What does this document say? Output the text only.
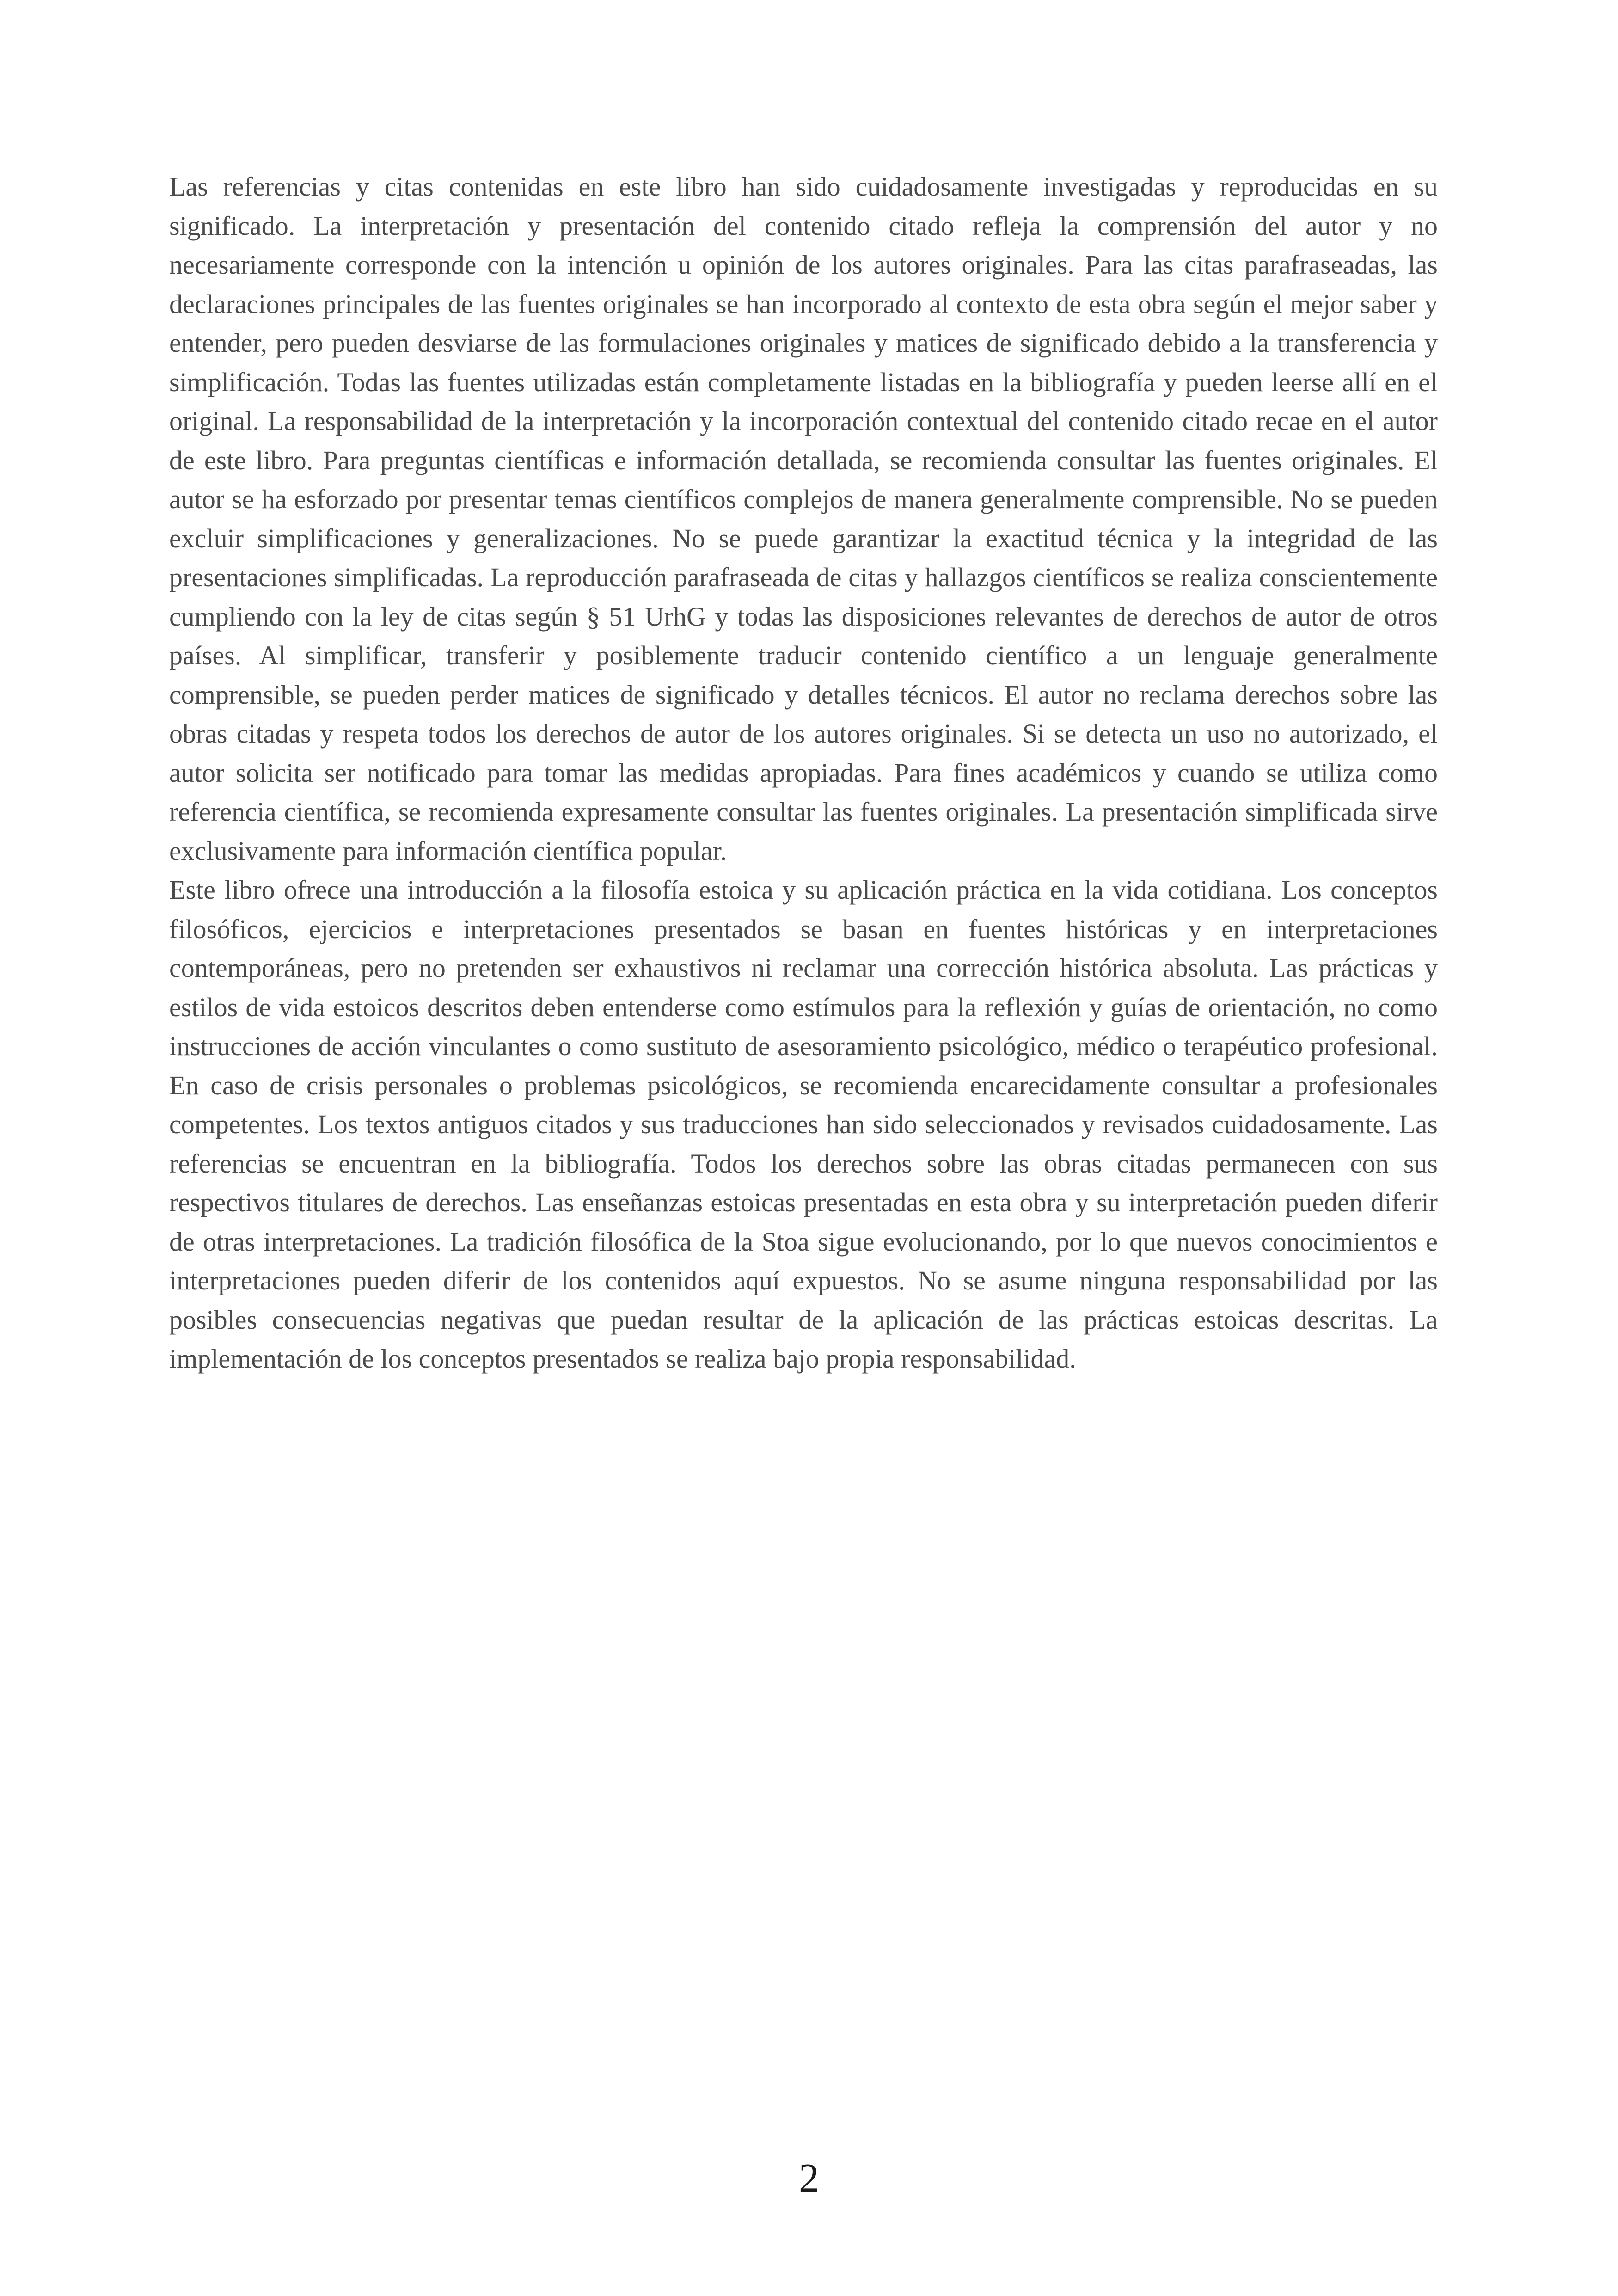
Las referencias y citas contenidas en este libro han sido cuidadosamente investigadas y reproducidas en su significado. La interpretación y presentación del contenido citado refleja la comprensión del autor y no necesariamente corresponde con la intención u opinión de los autores originales. Para las citas parafraseadas, las declaraciones principales de las fuentes originales se han incorporado al contexto de esta obra según el mejor saber y entender, pero pueden desviarse de las formulaciones originales y matices de significado debido a la transferencia y simplificación. Todas las fuentes utilizadas están completamente listadas en la bibliografía y pueden leerse allí en el original. La responsabilidad de la interpretación y la incorporación contextual del contenido citado recae en el autor de este libro. Para preguntas científicas e información detallada, se recomienda consultar las fuentes originales. El autor se ha esforzado por presentar temas científicos complejos de manera generalmente comprensible. No se pueden excluir simplificaciones y generalizaciones. No se puede garantizar la exactitud técnica y la integridad de las presentaciones simplificadas. La reproducción parafraseada de citas y hallazgos científicos se realiza conscientemente cumpliendo con la ley de citas según § 51 UrhG y todas las disposiciones relevantes de derechos de autor de otros países. Al simplificar, transferir y posiblemente traducir contenido científico a un lenguaje generalmente comprensible, se pueden perder matices de significado y detalles técnicos. El autor no reclama derechos sobre las obras citadas y respeta todos los derechos de autor de los autores originales. Si se detecta un uso no autorizado, el autor solicita ser notificado para tomar las medidas apropiadas. Para fines académicos y cuando se utiliza como referencia científica, se recomienda expresamente consultar las fuentes originales. La presentación simplificada sirve exclusivamente para información científica popular.

Este libro ofrece una introducción a la filosofía estoica y su aplicación práctica en la vida cotidiana. Los conceptos filosóficos, ejercicios e interpretaciones presentados se basan en fuentes históricas y en interpretaciones contemporáneas, pero no pretenden ser exhaustivos ni reclamar una corrección histórica absoluta. Las prácticas y estilos de vida estoicos descritos deben entenderse como estímulos para la reflexión y guías de orientación, no como instrucciones de acción vinculantes o como sustituto de asesoramiento psicológico, médico o terapéutico profesional. En caso de crisis personales o problemas psicológicos, se recomienda encarecidamente consultar a profesionales competentes. Los textos antiguos citados y sus traducciones han sido seleccionados y revisados cuidadosamente. Las referencias se encuentran en la bibliografía. Todos los derechos sobre las obras citadas permanecen con sus respectivos titulares de derechos. Las enseñanzas estoicas presentadas en esta obra y su interpretación pueden diferir de otras interpretaciones. La tradición filosófica de la Stoa sigue evolucionando, por lo que nuevos conocimientos e interpretaciones pueden diferir de los contenidos aquí expuestos. No se asume ninguna responsabilidad por las posibles consecuencias negativas que puedan resultar de la aplicación de las prácticas estoicas descritas. La implementación de los conceptos presentados se realiza bajo propia responsabilidad.

2
